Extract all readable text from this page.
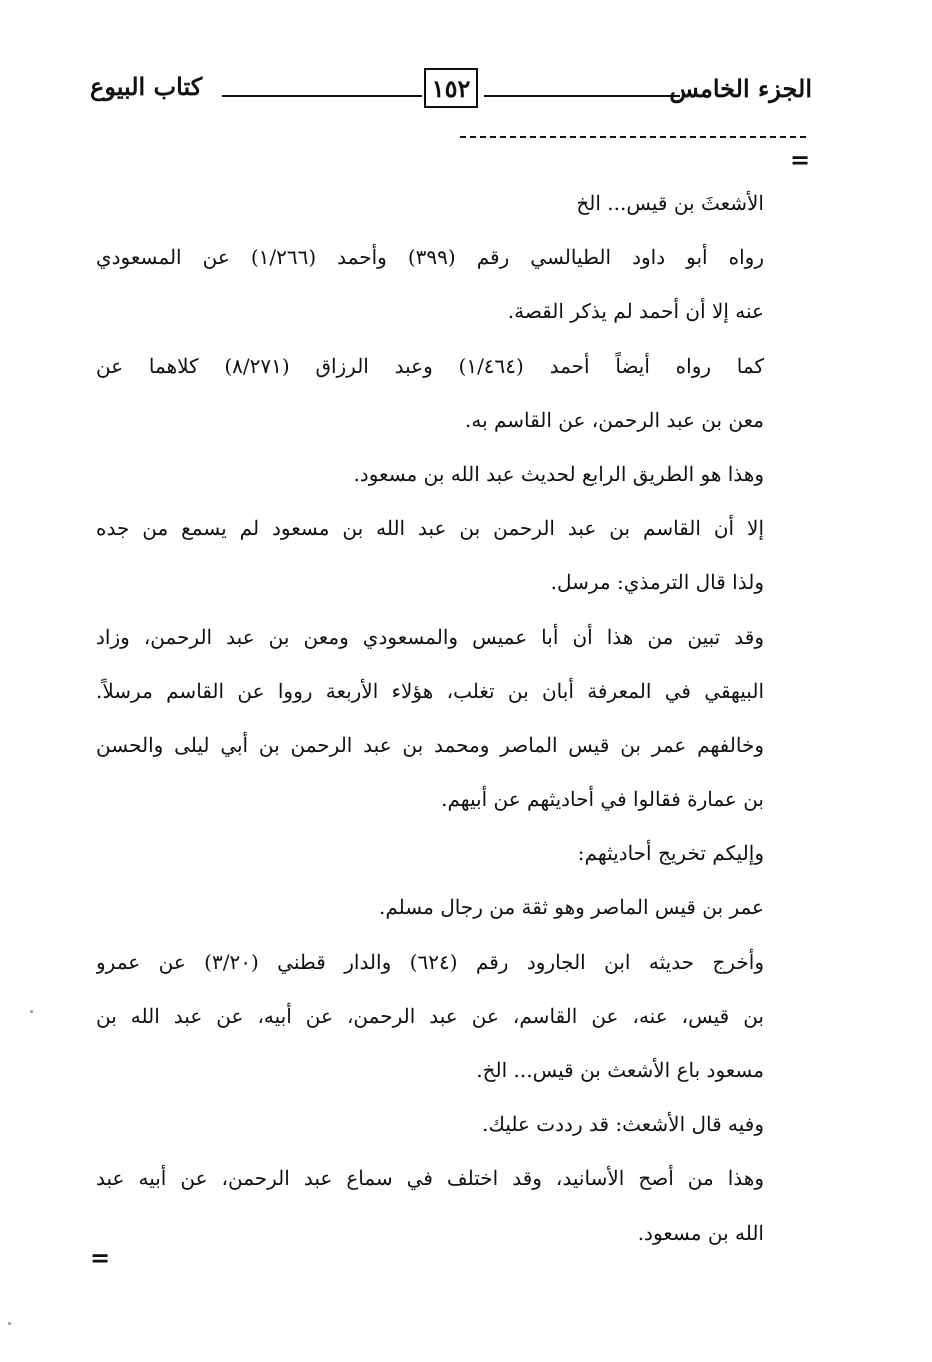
الجزء الخامس
١٥٢
كتاب البيوع
=
الأشعثَ بن قيس... الخ
رواه أبو داود الطيالسي رقم (٣٩٩) وأحمد (١/٢٦٦) عن المسعودي
عنه إلا أن أحمد لم يذكر القصة.
كما رواه أيضاً أحمد (١/٤٦٤) وعبد الرزاق (٨/٢٧١) كلاهما عن
معن بن عبد الرحمن، عن القاسم به.
وهذا هو الطريق الرابع لحديث عبد الله بن مسعود.
إلا أن القاسم بن عبد الرحمن بن عبد الله بن مسعود لم يسمع من جده
ولذا قال الترمذي: مرسل.
وقد تبين من هذا أن أبا عميس والمسعودي ومعن بن عبد الرحمن، وزاد
البيهقي في المعرفة أبان بن تغلب، هؤلاء الأربعة رووا عن القاسم مرسلاً.
وخالفهم عمر بن قيس الماصر ومحمد بن عبد الرحمن بن أبي ليلى والحسن
بن عمارة فقالوا في أحاديثهم عن أبيهم.
وإليكم تخريج أحاديثهم:
عمر بن قيس الماصر وهو ثقة من رجال مسلم.
وأخرج حديثه ابن الجارود رقم (٦٢٤) والدار قطني (٣/٢٠) عن عمرو
بن قيس، عنه، عن القاسم، عن عبد الرحمن، عن أبيه، عن عبد الله بن
مسعود باع الأشعث بن قيس... الخ.
وفيه قال الأشعث: قد رددت عليك.
وهذا من أصح الأسانيد، وقد اختلف في سماع عبد الرحمن، عن أبيه عبد
الله بن مسعود.
=
